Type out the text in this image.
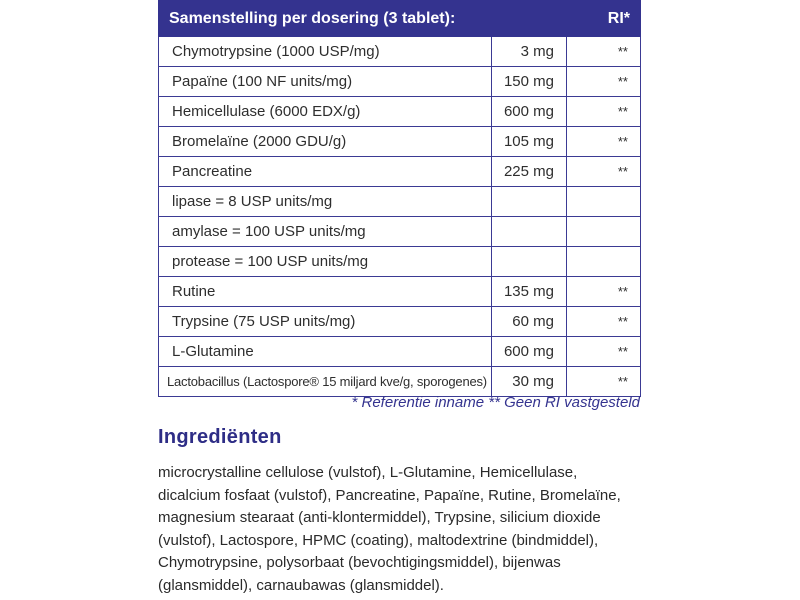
Samenstelling per dosering (3 tablet):		RI*
Chymotrypsine (1000 USP/mg)	3 mg	**
Papaïne (100 NF units/mg)	150 mg	**
Hemicellulase (6000 EDX/g)	600 mg	**
Bromelaïne (2000 GDU/g)	105 mg	**
Pancreatine	225 mg	**
lipase = 8 USP units/mg		
amylase = 100 USP units/mg		
protease = 100 USP units/mg		
Rutine	135 mg	**
Trypsine (75 USP units/mg)	60 mg	**
L-Glutamine	600 mg	**
Lactobacillus (Lactospore® 15 miljard kve/g, sporogenes)	30 mg	**
* Referentie inname ** Geen RI vastgesteld
Ingrediënten

microcrystalline cellulose (vulstof), L-Glutamine, Hemicellulase, dicalcium fosfaat (vulstof), Pancreatine, Papaïne, Rutine, Bromelaïne, magnesium stearaat (anti-klontermiddel), Trypsine, silicium dioxide (vulstof), Lactospore, HPMC (coating), maltodextrine (bindmiddel), Chymotrypsine, polysorbaat (bevochtigingsmiddel), bijenwas (glansmiddel), carnaubawas (glansmiddel).
